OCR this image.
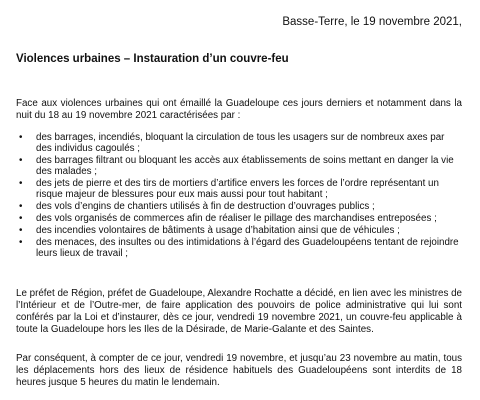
Basse-Terre, le 19 novembre 2021,
Violences urbaines – Instauration d’un couvre-feu

Face aux violences urbaines qui ont émaillé la Guadeloupe ces jours derniers et notamment dans la nuit du 18 au 19 novembre 2021 caractérisées par :

• des barrages, incendiés, bloquant la circulation de tous les usagers sur de nombreux axes par des individus cagoulés ;
• des barrages filtrant ou bloquant les accès aux établissements de soins mettant en danger la vie des malades ;
• des jets de pierre et des tirs de mortiers d’artifice envers les forces de l’ordre représentant un risque majeur de blessures pour eux mais aussi pour tout habitant ;
• des vols d’engins de chantiers utilisés à fin de destruction d’ouvrages publics ;
• des vols organisés de commerces afin de réaliser le pillage des marchandises entreposées ;
• des incendies volontaires de bâtiments à usage d’habitation ainsi que de véhicules ;
• des menaces, des insultes ou des intimidations à l’égard des Guadeloupéens tentant de rejoindre leurs lieux de travail ;

Le préfet de Région, préfet de Guadeloupe, Alexandre Rochatte a décidé, en lien avec les ministres de l’Intérieur et de l’Outre-mer, de faire application des pouvoirs de police administrative qui lui sont conférés par la Loi et d’instaurer, dès ce jour, vendredi 19 novembre 2021, un couvre-feu applicable à toute la Guadeloupe hors les Iles de la Désirade, de Marie-Galante et des Saintes.

Par conséquent, à compter de ce jour, vendredi 19 novembre, et jusqu’au 23 novembre au matin, tous les déplacements hors des lieux de résidence habituels des Guadeloupéens sont interdits de 18 heures jusque 5 heures du matin le lendemain.
